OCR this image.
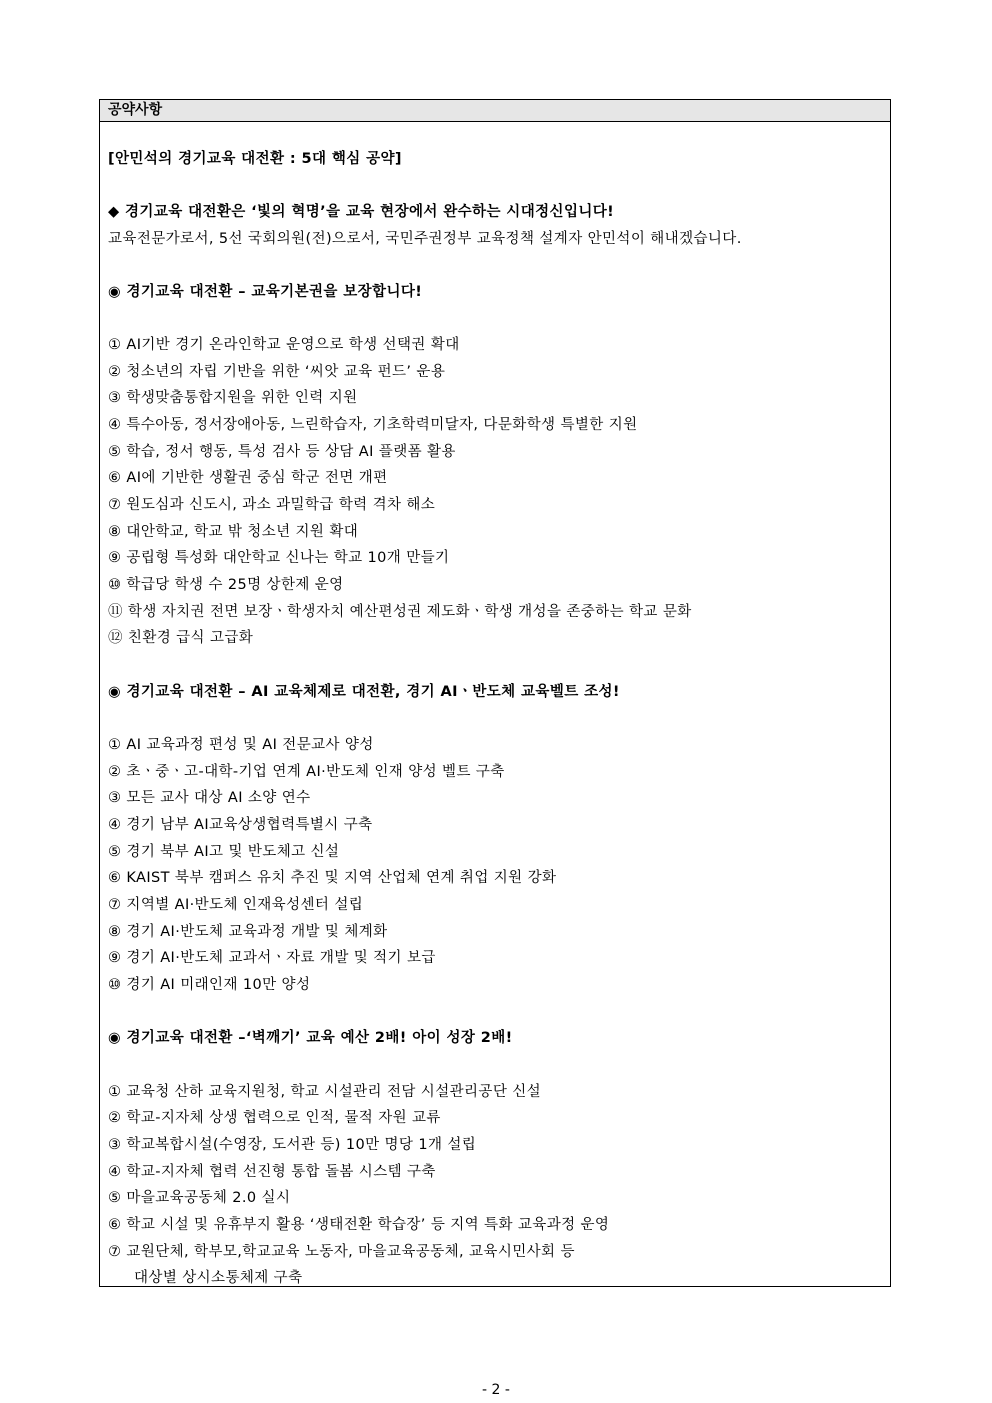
공약사항
[안민석의 경기교육 대전환 : 5대 핵심 공약]
◆ 경기교육 대전환은 ‘빛의 혁명’을 교육 현장에서 완수하는 시대정신입니다!
교육전문가로서, 5선 국회의원(전)으로서, 국민주권정부 교육정책 설계자 안민석이 해내겠습니다.
◉ 경기교육 대전환 – 교육기본권을 보장합니다!
① AI기반 경기 온라인학교 운영으로 학생 선택권 확대
② 청소년의 자립 기반을 위한 ‘씨앗 교육 펀드’ 운용
③ 학생맞춤통합지원을 위한 인력 지원
④ 특수아동, 정서장애아동, 느린학습자, 기초학력미달자, 다문화학생 특별한 지원
⑤ 학습, 정서 행동, 특성 검사 등 상담 AI 플랫폼 활용
⑥ AI에 기반한 생활권 중심 학군 전면 개편
⑦ 원도심과 신도시, 과소 과밀학급 학력 격차 해소
⑧ 대안학교, 학교 밖 청소년 지원 확대
⑨ 공립형 특성화 대안학교 신나는 학교 10개 만들기
⑩ 학급당 학생 수 25명 상한제 운영
⑪ 학생 자치권 전면 보장ㆍ학생자치 예산편성권 제도화ㆍ학생 개성을 존중하는 학교 문화
⑫ 친환경 급식 고급화
◉ 경기교육 대전환 – AI 교육체제로 대전환, 경기 AIㆍ반도체 교육벨트 조성!
① AI 교육과정 편성 및 AI 전문교사 양성
② 초ㆍ중ㆍ고-대학-기업 연계 AI·반도체 인재 양성 벨트 구축
③ 모든 교사 대상 AI 소양 연수
④ 경기 남부 AI교육상생협력특별시 구축
⑤ 경기 북부 AI고 및 반도체고 신설
⑥ KAIST 북부 캠퍼스 유치 추진 및 지역 산업체 연계 취업 지원 강화
⑦ 지역별 AI·반도체 인재육성센터 설립
⑧ 경기 AI·반도체 교육과정 개발 및 체계화
⑨ 경기 AI·반도체 교과서ㆍ자료 개발 및 적기 보급
⑩ 경기 AI 미래인재 10만 양성
◉ 경기교육 대전환 –‘벽깨기’ 교육 예산 2배! 아이 성장 2배!
① 교육청 산하 교육지원청, 학교 시설관리 전담 시설관리공단 신설
② 학교-지자체 상생 협력으로 인적, 물적 자원 교류
③ 학교복합시설(수영장, 도서관 등) 10만 명당 1개 설립
④ 학교-지자체 협력 선진형 통합 돌봄 시스템 구축
⑤ 마을교육공동체 2.0 실시
⑥ 학교 시설 및 유휴부지 활용 ‘생태전환 학습장’ 등 지역 특화 교육과정 운영
⑦ 교원단체, 학부모,학교교육 노동자, 마을교육공동체, 교육시민사회 등
대상별 상시소통체제 구축
- 2 -
